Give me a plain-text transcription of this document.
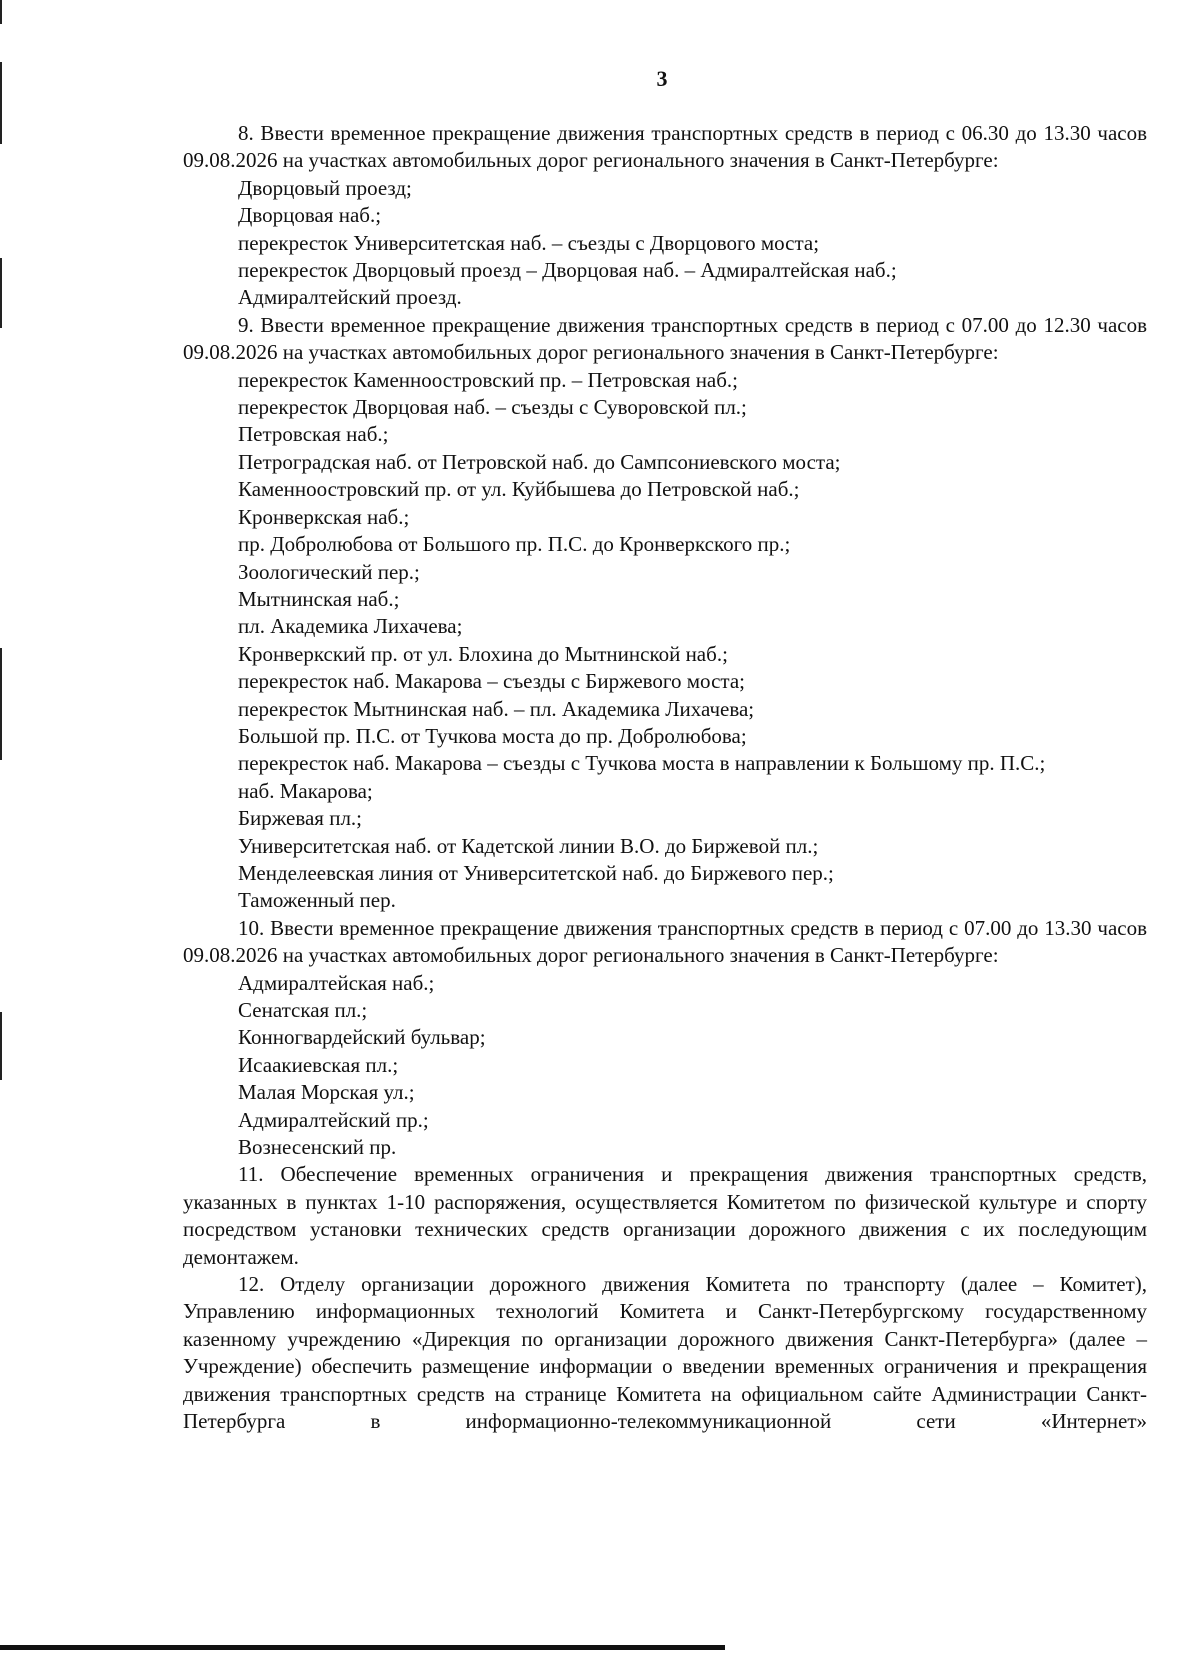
3

8. Ввести временное прекращение движения транспортных средств в период с 06.30 до 13.30 часов 09.08.2026 на участках автомобильных дорог регионального значения в Санкт-Петербурге:

Дворцовый проезд;

Дворцовая наб.;

перекресток Университетская наб. – съезды с Дворцового моста;

перекресток Дворцовый проезд – Дворцовая наб. – Адмиралтейская наб.;

Адмиралтейский проезд.

9. Ввести временное прекращение движения транспортных средств в период с 07.00 до 12.30 часов 09.08.2026 на участках автомобильных дорог регионального значения в Санкт-Петербурге:

перекресток Каменноостровский пр. – Петровская наб.;

перекресток Дворцовая наб. – съезды с Суворовской пл.;

Петровская наб.;

Петроградская наб. от Петровской наб. до Сампсониевского моста;

Каменноостровский пр. от ул. Куйбышева до Петровской наб.;

Кронверкская наб.;

пр. Добролюбова от Большого пр. П.С. до Кронверкского пр.;

Зоологический пер.;

Мытнинская наб.;

пл. Академика Лихачева;

Кронверкский пр. от ул. Блохина до Мытнинской наб.;

перекресток наб. Макарова – съезды с Биржевого моста;

перекресток Мытнинская наб. – пл. Академика Лихачева;

Большой пр. П.С. от Тучкова моста до пр. Добролюбова;

перекресток наб. Макарова – съезды с Тучкова моста в направлении к Большому пр. П.С.;

наб. Макарова;

Биржевая пл.;

Университетская наб. от Кадетской линии В.О. до Биржевой пл.;

Менделеевская линия от Университетской наб. до Биржевого пер.;

Таможенный пер.

10. Ввести временное прекращение движения транспортных средств в период с 07.00 до 13.30 часов 09.08.2026 на участках автомобильных дорог регионального значения в Санкт-Петербурге:

Адмиралтейская наб.;

Сенатская пл.;

Конногвардейский бульвар;

Исаакиевская пл.;

Малая Морская ул.;

Адмиралтейский пр.;

Вознесенский пр.

11. Обеспечение временных ограничения и прекращения движения транспортных средств, указанных в пунктах 1-10 распоряжения, осуществляется Комитетом по физической культуре и спорту посредством установки технических средств организации дорожного движения с их последующим демонтажем.

12. Отделу организации дорожного движения Комитета по транспорту (далее – Комитет), Управлению информационных технологий Комитета и Санкт-Петербургскому государственному казенному учреждению «Дирекция по организации дорожного движения Санкт-Петербурга» (далее – Учреждение) обеспечить размещение информации о введении временных ограничения и прекращения движения транспортных средств на странице Комитета на официальном сайте Администрации Санкт-Петербурга в информационно-телекоммуникационной сети «Интернет»
